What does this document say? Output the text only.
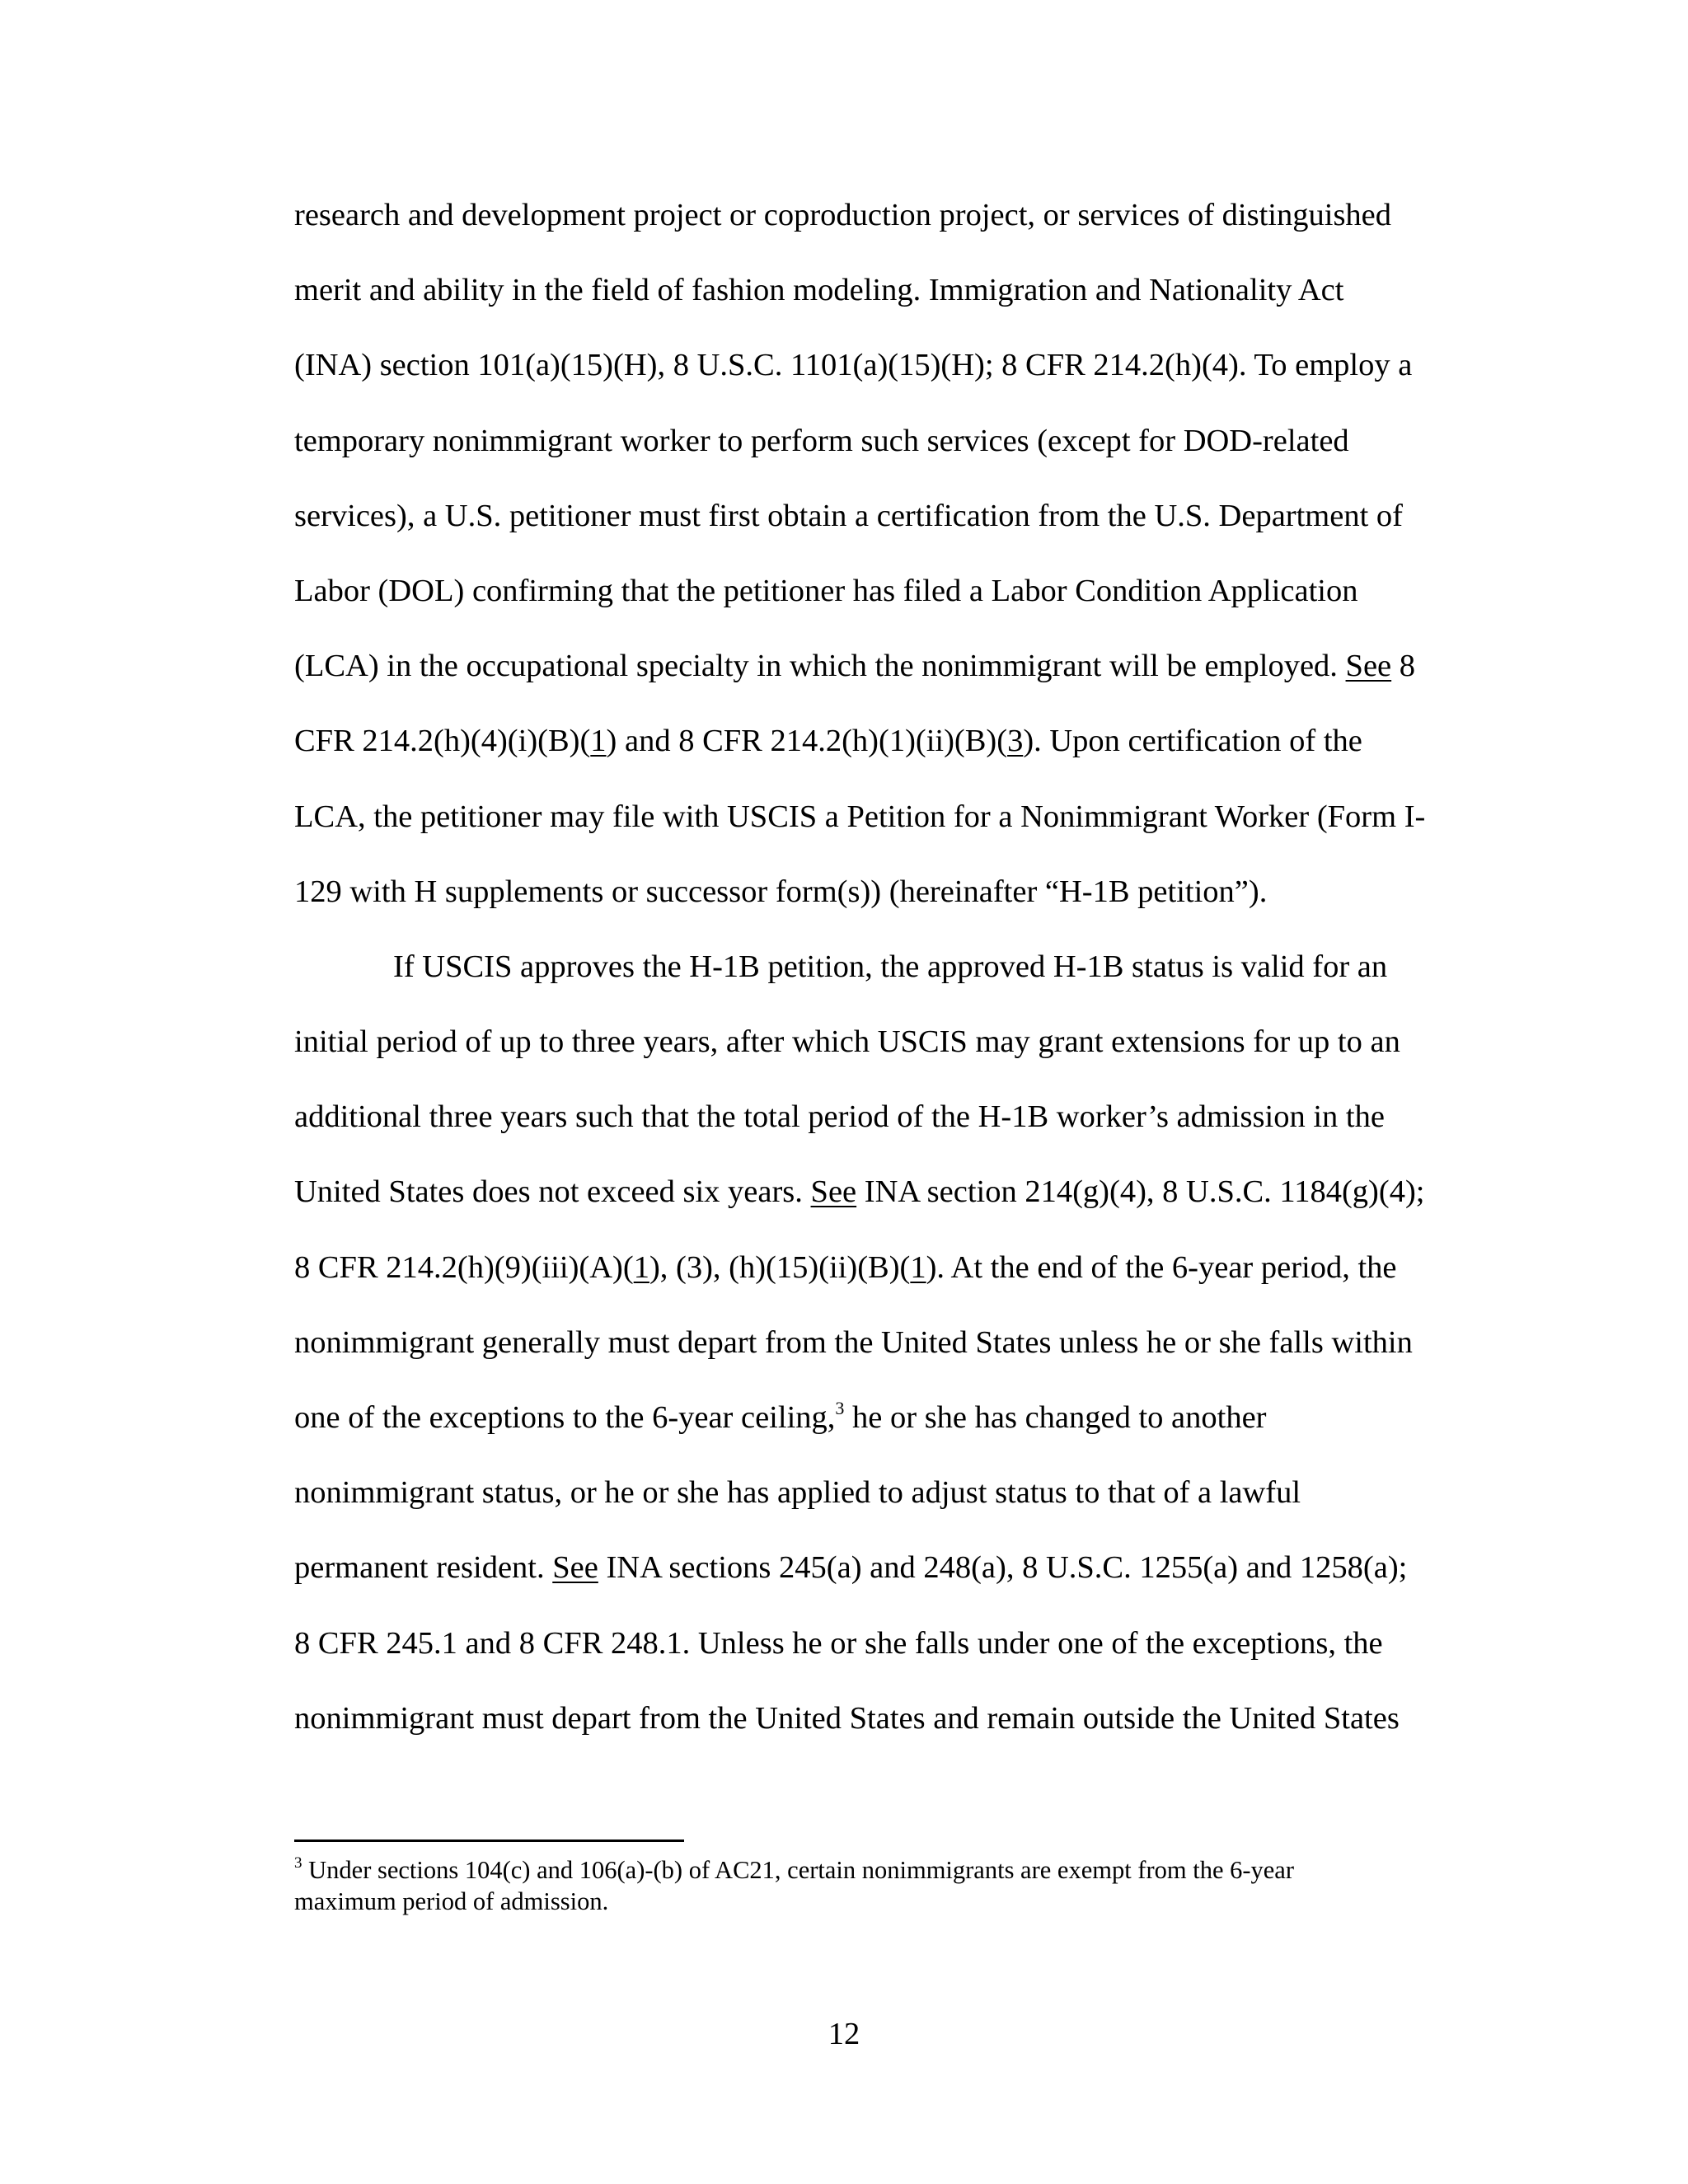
research and development project or coproduction project, or services of distinguished
merit and ability in the field of fashion modeling. Immigration and Nationality Act
(INA) section 101(a)(15)(H), 8 U.S.C. 1101(a)(15)(H); 8 CFR 214.2(h)(4). To employ a
temporary nonimmigrant worker to perform such services (except for DOD-related
services), a U.S. petitioner must first obtain a certification from the U.S. Department of
Labor (DOL) confirming that the petitioner has filed a Labor Condition Application
(LCA) in the occupational specialty in which the nonimmigrant will be employed. See 8
CFR 214.2(h)(4)(i)(B)(1) and 8 CFR 214.2(h)(1)(ii)(B)(3). Upon certification of the
LCA, the petitioner may file with USCIS a Petition for a Nonimmigrant Worker (Form I-
129 with H supplements or successor form(s)) (hereinafter “H-1B petition”).
If USCIS approves the H-1B petition, the approved H-1B status is valid for an
initial period of up to three years, after which USCIS may grant extensions for up to an
additional three years such that the total period of the H-1B worker’s admission in the
United States does not exceed six years. See INA section 214(g)(4), 8 U.S.C. 1184(g)(4);
8 CFR 214.2(h)(9)(iii)(A)(1), (3), (h)(15)(ii)(B)(1). At the end of the 6-year period, the
nonimmigrant generally must depart from the United States unless he or she falls within
one of the exceptions to the 6-year ceiling,$^3$ he or she has changed to another
nonimmigrant status, or he or she has applied to adjust status to that of a lawful
permanent resident. See INA sections 245(a) and 248(a), 8 U.S.C. 1255(a) and 1258(a);
8 CFR 245.1 and 8 CFR 248.1. Unless he or she falls under one of the exceptions, the
nonimmigrant must depart from the United States and remain outside the United States
$^3$ Under sections 104(c) and 106(a)-(b) of AC21, certain nonimmigrants are exempt from the 6-year
maximum period of admission.
12
